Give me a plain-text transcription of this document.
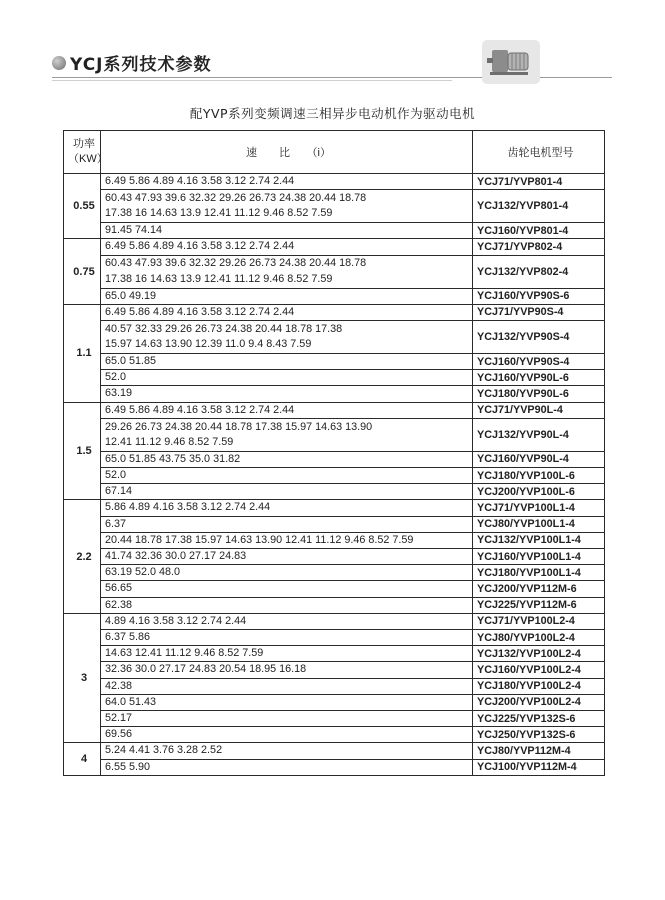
YCJ系列技术参数
配YVP系列变频调速三相异步电动机作为驱动电机
功率
（KW）	速　　比　　（i）	齿轮电机型号
0.55	6.49 5.86 4.89 4.16 3.58 3.12 2.74 2.44	YCJ71/YVP801-4

	60.43 47.93 39.6 32.32 29.26 26.73 24.38 20.44 18.78
17.38 16 14.63 13.9 12.41 11.12 9.46 8.52 7.59	YCJ132/YVP801-4

	91.45 74.14	YCJ160/YVP801-4
0.75	6.49 5.86 4.89 4.16 3.58 3.12 2.74 2.44	YCJ71/YVP802-4

	60.43 47.93 39.6 32.32 29.26 26.73 24.38 20.44 18.78
17.38 16 14.63 13.9 12.41 11.12 9.46 8.52 7.59	YCJ132/YVP802-4

	65.0 49.19	YCJ160/YVP90S-6
1.1	6.49 5.86 4.89 4.16 3.58 3.12 2.74 2.44	YCJ71/YVP90S-4

	40.57 32.33 29.26 26.73 24.38 20.44 18.78 17.38
15.97 14.63 13.90 12.39 11.0 9.4 8.43 7.59	YCJ132/YVP90S-4

	65.0 51.85	YCJ160/YVP90S-4

	52.0	YCJ160/YVP90L-6

	63.19	YCJ180/YVP90L-6
1.5	6.49 5.86 4.89 4.16 3.58 3.12 2.74 2.44	YCJ71/YVP90L-4

	29.26 26.73 24.38 20.44 18.78 17.38 15.97 14.63 13.90
12.41 11.12 9.46 8.52 7.59	YCJ132/YVP90L-4

	65.0 51.85 43.75 35.0 31.82	YCJ160/YVP90L-4

	52.0	YCJ180/YVP100L-6

	67.14	YCJ200/YVP100L-6
2.2	5.86 4.89 4.16 3.58 3.12 2.74 2.44	YCJ71/YVP100L1-4

	6.37	YCJ80/YVP100L1-4

	20.44 18.78 17.38 15.97 14.63 13.90 12.41 11.12 9.46 8.52 7.59	YCJ132/YVP100L1-4

	41.74 32.36 30.0 27.17 24.83	YCJ160/YVP100L1-4

	63.19 52.0 48.0	YCJ180/YVP100L1-4

	56.65	YCJ200/YVP112M-6

	62.38	YCJ225/YVP112M-6
3	4.89 4.16 3.58 3.12 2.74 2.44	YCJ71/YVP100L2-4

	6.37 5.86	YCJ80/YVP100L2-4

	14.63 12.41 11.12 9.46 8.52 7.59	YCJ132/YVP100L2-4

	32.36 30.0 27.17 24.83 20.54 18.95 16.18	YCJ160/YVP100L2-4

	42.38	YCJ180/YVP100L2-4

	64.0 51.43	YCJ200/YVP100L2-4

	52.17	YCJ225/YVP132S-6

	69.56	YCJ250/YVP132S-6
4	5.24 4.41 3.76 3.28 2.52	YCJ80/YVP112M-4

	6.55 5.90	YCJ100/YVP112M-4
